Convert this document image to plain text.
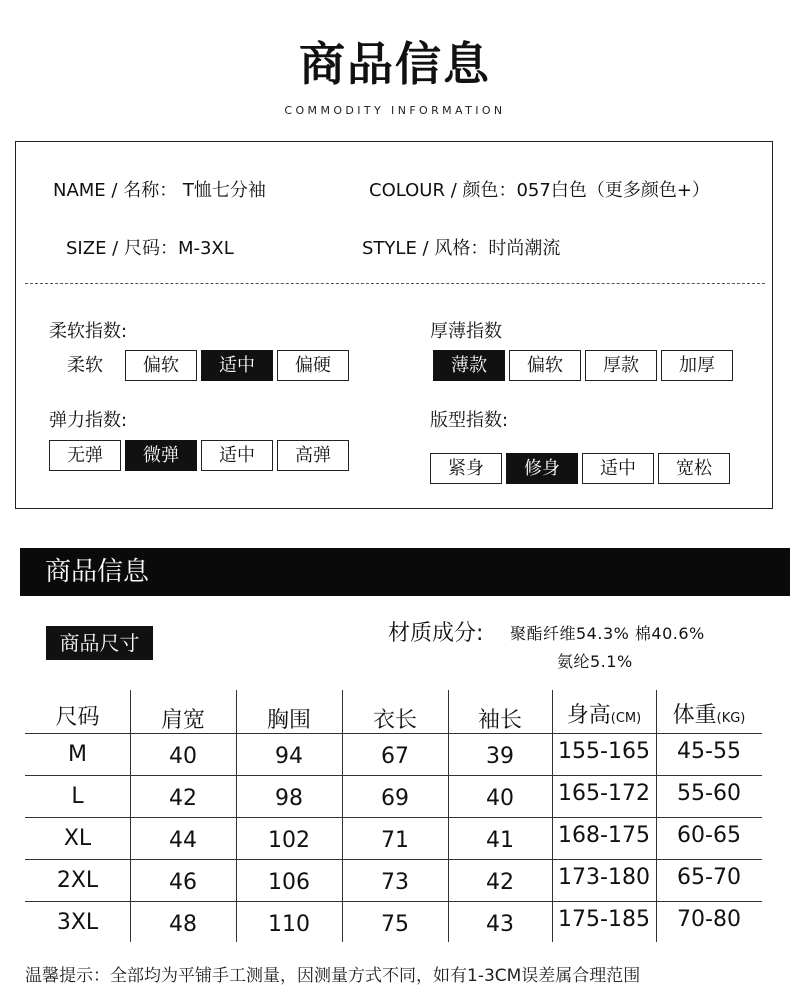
商品信息
COMMODITY INFORMATION
NAME / 名称： T恤七分袖	COLOUR / 颜色：057白色（更多颜色+）
SIZE / 尺码：M-3XL	STYLE / 风格：时尚潮流
柔软指数:
柔软	偏软	适中	偏硬
厚薄指数
薄款	偏软	厚款	加厚
弹力指数:
无弹	微弹	适中	高弹
版型指数:
紧身	修身	适中	宽松
商品信息
商品尺寸	材质成分: 聚酯纤维54.3% 棉40.6%
氨纶5.1%
尺码	肩宽	胸围	衣长	袖长	身高(CM)	体重(KG)
M	40	94	67	39	155-165	45-55
L	42	98	69	40	165-172	55-60
XL	44	102	71	41	168-175	60-65
2XL	46	106	73	42	173-180	65-70
3XL	48	110	75	43	175-185	70-80
温馨提示：全部均为平铺手工测量，因测量方式不同，如有1-3CM误差属合理范围
